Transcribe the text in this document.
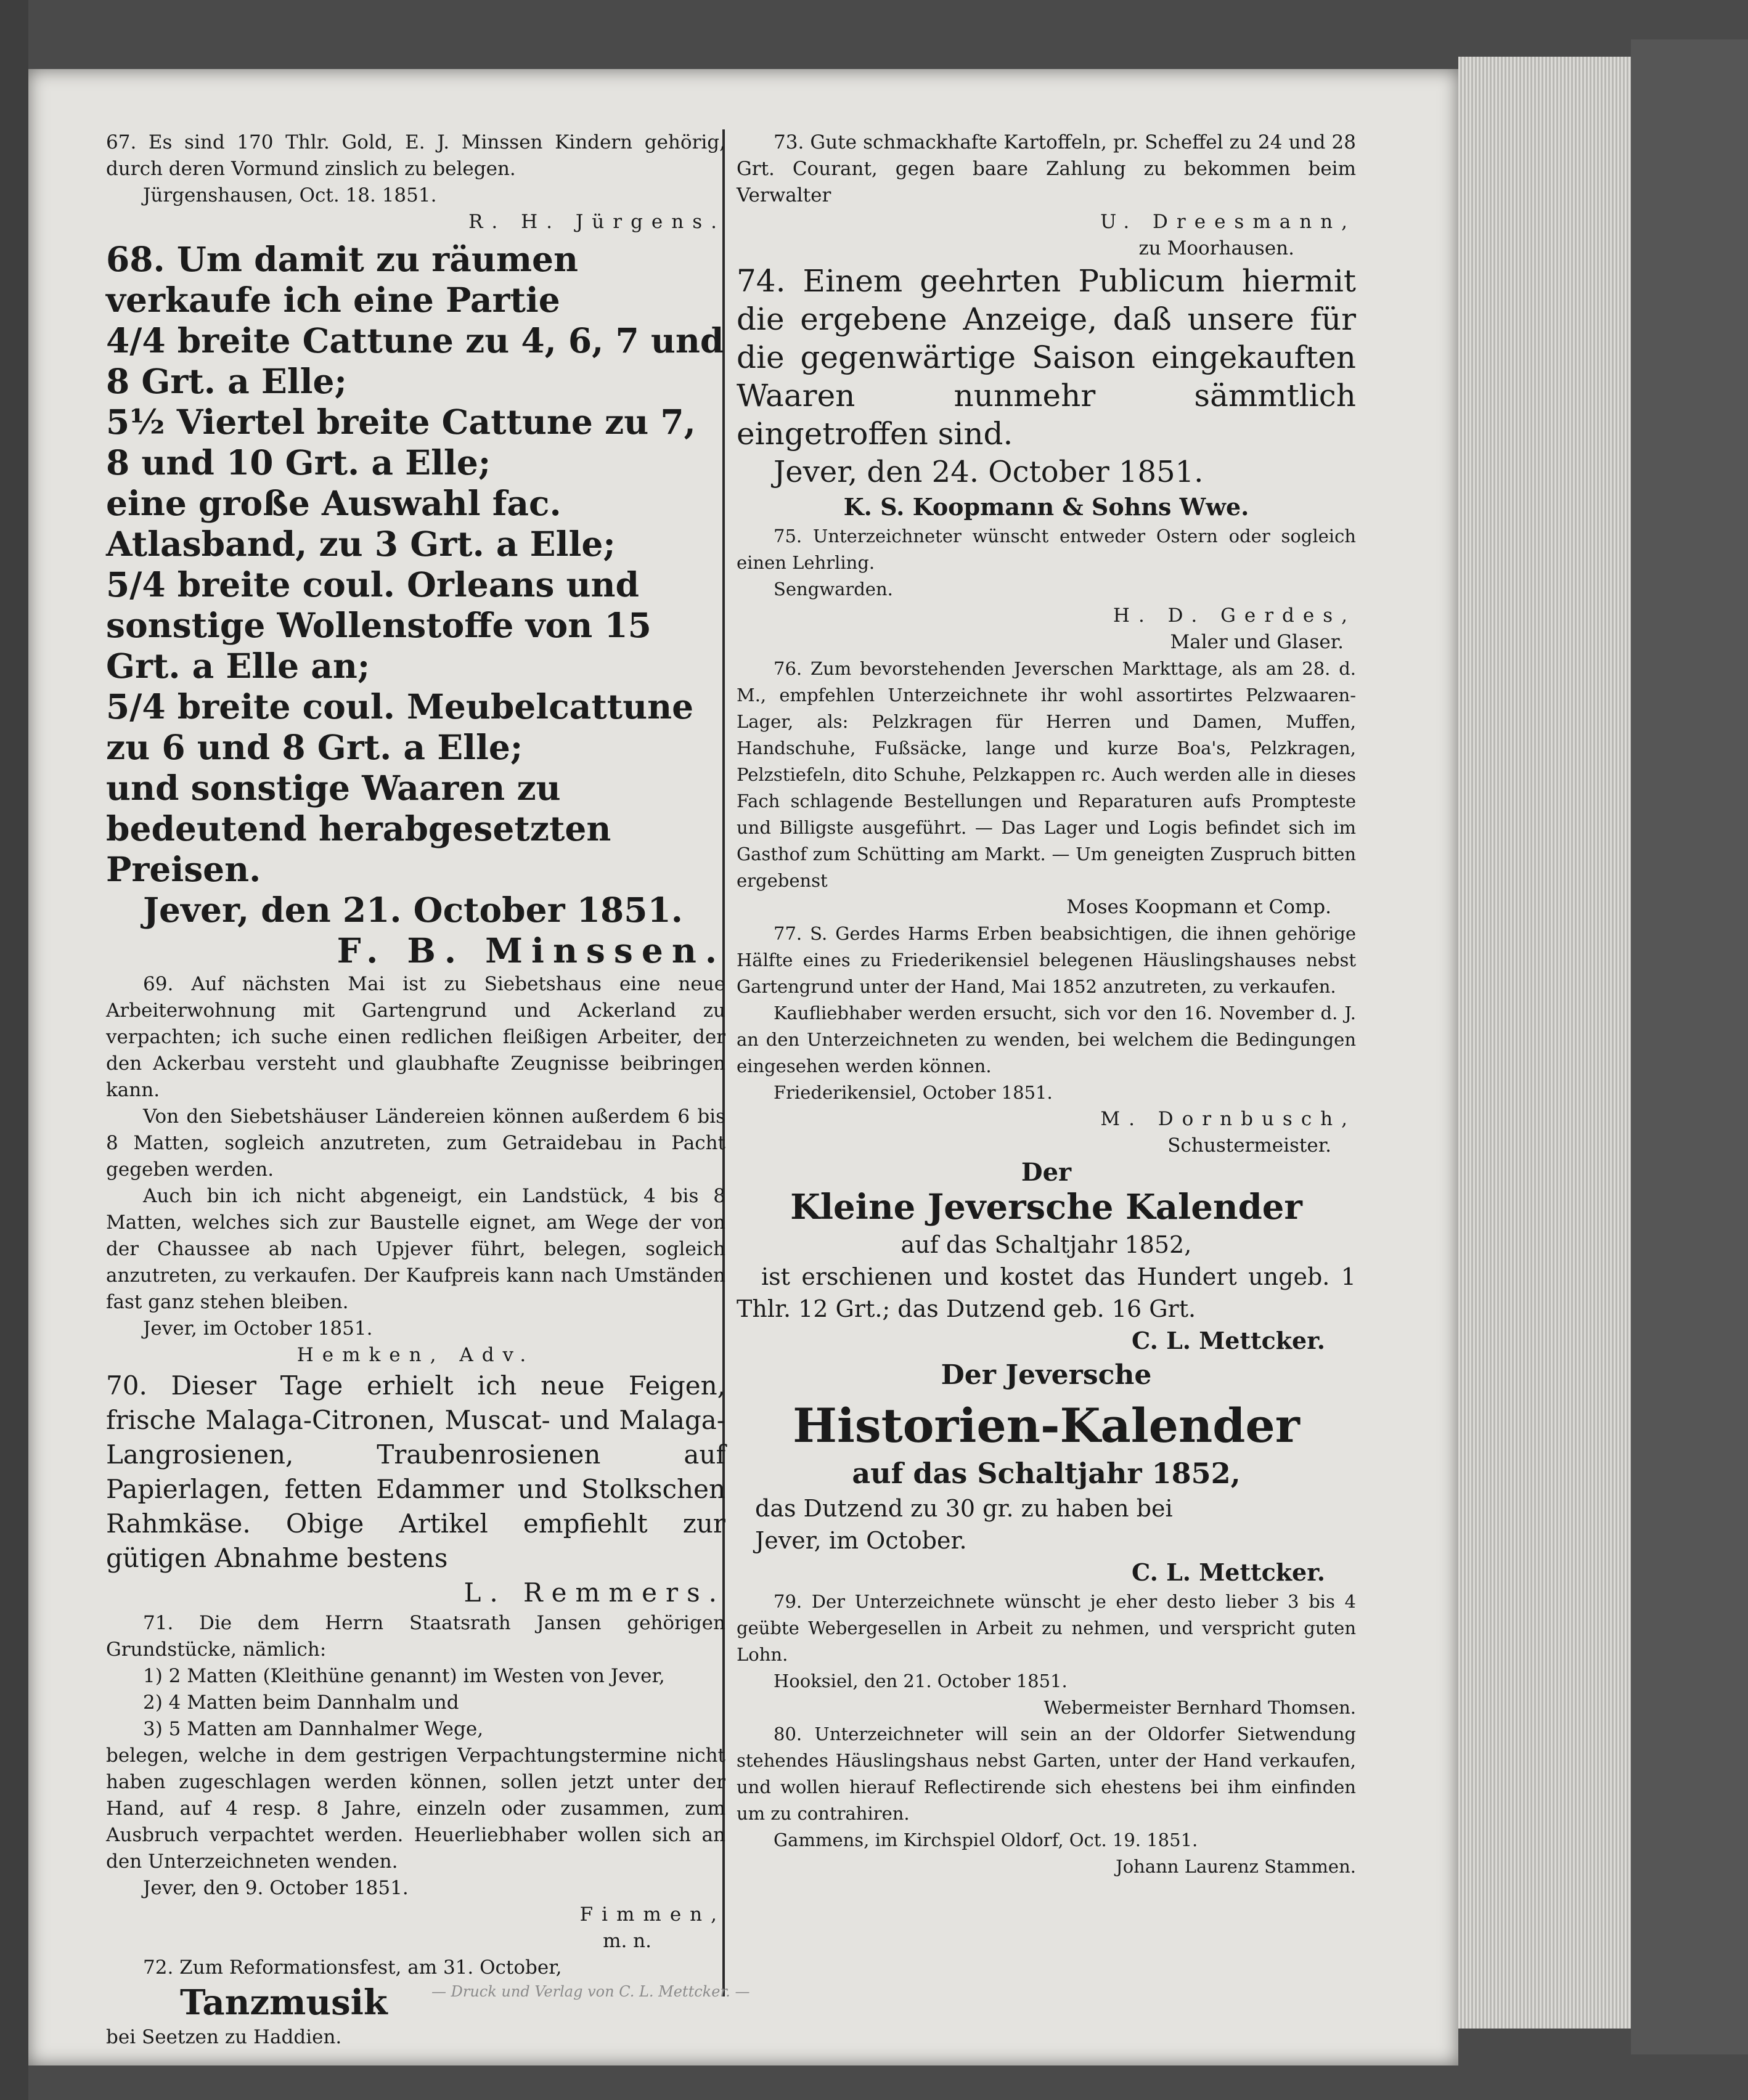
67. Es sind 170 Thlr. Gold, E. J. Minssen Kindern gehörig, durch deren Vormund zinslich zu belegen.

Jürgenshausen, Oct. 18. 1851.

R. H. Jürgens.

68. Um damit zu räumen verkaufe ich eine Partie

4/4 breite Cattune zu 4, 6, 7 und 8 Grt. a Elle;

5½ Viertel breite Cattune zu 7, 8 und 10 Grt. a Elle;

eine große Auswahl fac. Atlasband, zu 3 Grt. a Elle;

5/4 breite coul. Orleans und sonstige Wollenstoffe von 15 Grt. a Elle an;

5/4 breite coul. Meubelcattune zu 6 und 8 Grt. a Elle;

und sonstige Waaren zu bedeutend herabgesetzten Preisen.

Jever, den 21. October 1851.

F. B. Minssen.

69. Auf nächsten Mai ist zu Siebetshaus eine neue Arbeiterwohnung mit Gartengrund und Ackerland zu verpachten; ich suche einen redlichen fleißigen Arbeiter, der den Ackerbau versteht und glaubhafte Zeugnisse beibringen kann.

Von den Siebetshäuser Ländereien können außerdem 6 bis 8 Matten, sogleich anzutreten, zum Getraidebau in Pacht gegeben werden.

Auch bin ich nicht abgeneigt, ein Landstück, 4 bis 8 Matten, welches sich zur Baustelle eignet, am Wege der von der Chaussee ab nach Upjever führt, belegen, sogleich anzutreten, zu verkaufen. Der Kaufpreis kann nach Umständen fast ganz stehen bleiben.

Jever, im October 1851.

Hemken, Adv.

70. Dieser Tage erhielt ich neue Feigen, frische Malaga-Citronen, Muscat- und Malaga-Langrosienen, Traubenrosienen auf Papierlagen, fetten Edammer und Stolkschen Rahmkäse. Obige Artikel empfiehlt zur gütigen Abnahme bestens

L. Remmers.

71. Die dem Herrn Staatsrath Jansen gehörigen Grundstücke, nämlich:

1) 2 Matten (Kleithüne genannt) im Westen von Jever,

2) 4 Matten beim Dannhalm und

3) 5 Matten am Dannhalmer Wege,

belegen, welche in dem gestrigen Verpachtungstermine nicht haben zugeschlagen werden können, sollen jetzt unter der Hand, auf 4 resp. 8 Jahre, einzeln oder zusammen, zum Ausbruch verpachtet werden. Heuerliebhaber wollen sich an den Unterzeichneten wenden.

Jever, den 9. October 1851.

Fimmen,

m. n.

72. Zum Reformationsfest, am 31. October,

Tanzmusik

bei Seetzen zu Haddien.

73. Gute schmackhafte Kartoffeln, pr. Scheffel zu 24 und 28 Grt. Courant, gegen baare Zahlung zu bekommen beim Verwalter

U. Dreesmann,

zu Moorhausen.

74. Einem geehrten Publicum hiermit die ergebene Anzeige, daß unsere für die gegenwärtige Saison eingekauften Waaren nunmehr sämmtlich eingetroffen sind.

Jever, den 24. October 1851.

K. S. Koopmann & Sohns Wwe.

75. Unterzeichneter wünscht entweder Ostern oder sogleich einen Lehrling.

Sengwarden.

H. D. Gerdes,

Maler und Glaser.

76. Zum bevorstehenden Jeverschen Markttage, als am 28. d. M., empfehlen Unterzeichnete ihr wohl assortirtes Pelzwaaren-Lager, als: Pelzkragen für Herren und Damen, Muffen, Handschuhe, Fußsäcke, lange und kurze Boa's, Pelzkragen, Pelzstiefeln, dito Schuhe, Pelzkappen rc. Auch werden alle in dieses Fach schlagende Bestellungen und Reparaturen aufs Prompteste und Billigste ausgeführt. — Das Lager und Logis befindet sich im Gasthof zum Schütting am Markt. — Um geneigten Zuspruch bitten ergebenst

Moses Koopmann et Comp.

77. S. Gerdes Harms Erben beabsichtigen, die ihnen gehörige Hälfte eines zu Friederikensiel belegenen Häuslingshauses nebst Gartengrund unter der Hand, Mai 1852 anzutreten, zu verkaufen.

Kaufliebhaber werden ersucht, sich vor den 16. November d. J. an den Unterzeichneten zu wenden, bei welchem die Bedingungen eingesehen werden können.

Friederikensiel, October 1851.

M. Dornbusch,

Schustermeister.

Der

Kleine Jeversche Kalender

auf das Schaltjahr 1852,

ist erschienen und kostet das Hundert ungeb. 1 Thlr. 12 Grt.; das Dutzend geb. 16 Grt.

C. L. Mettcker.

Der Jeversche

Historien-Kalender

auf das Schaltjahr 1852,

das Dutzend zu 30 gr. zu haben bei

Jever, im October.

C. L. Mettcker.

79. Der Unterzeichnete wünscht je eher desto lieber 3 bis 4 geübte Webergesellen in Arbeit zu nehmen, und verspricht guten Lohn.

Hooksiel, den 21. October 1851.

Webermeister Bernhard Thomsen.

80. Unterzeichneter will sein an der Oldorfer Sietwendung stehendes Häuslingshaus nebst Garten, unter der Hand verkaufen, und wollen hierauf Reflectirende sich ehestens bei ihm einfinden um zu contrahiren.

Gammens, im Kirchspiel Oldorf, Oct. 19. 1851.

Johann Laurenz Stammen.

— Druck und Verlag von C. L. Mettcker. —
